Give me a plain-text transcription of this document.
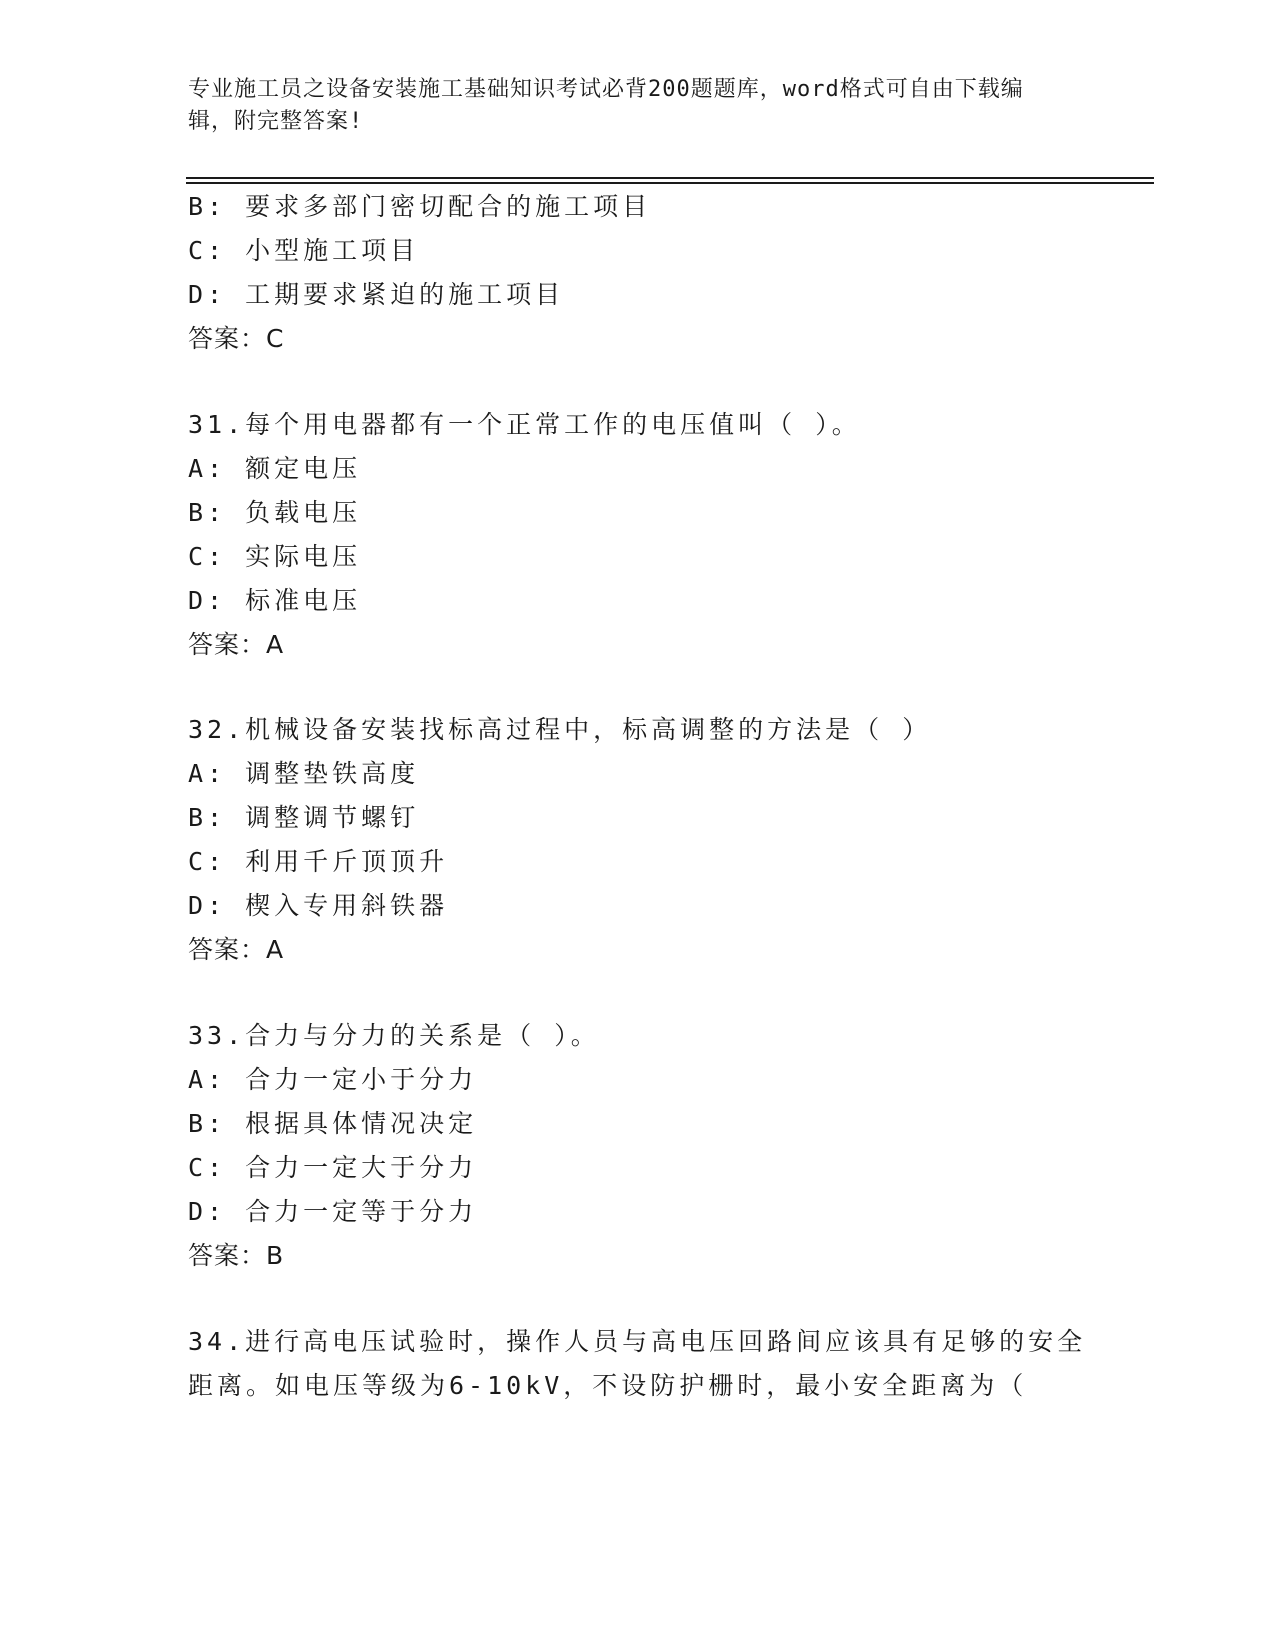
专业施工员之设备安装施工基础知识考试必背200题题库，word格式可自由下载编辑，附完整答案!
B: 要求多部门密切配合的施工项目
C: 小型施工项目
D: 工期要求紧迫的施工项目
答案：C
31.每个用电器都有一个正常工作的电压值叫（ ）。
A: 额定电压
B: 负载电压
C: 实际电压
D: 标准电压
答案：A
32.机械设备安装找标高过程中，标高调整的方法是（ ）
A: 调整垫铁高度
B: 调整调节螺钉
C: 利用千斤顶顶升
D: 楔入专用斜铁器
答案：A
33.合力与分力的关系是（ ）。
A: 合力一定小于分力
B: 根据具体情况决定
C: 合力一定大于分力
D: 合力一定等于分力
答案：B
34.进行高电压试验时，操作人员与高电压回路间应该具有足够的安全
距离。如电压等级为6-10kV，不设防护栅时，最小安全距离为（
